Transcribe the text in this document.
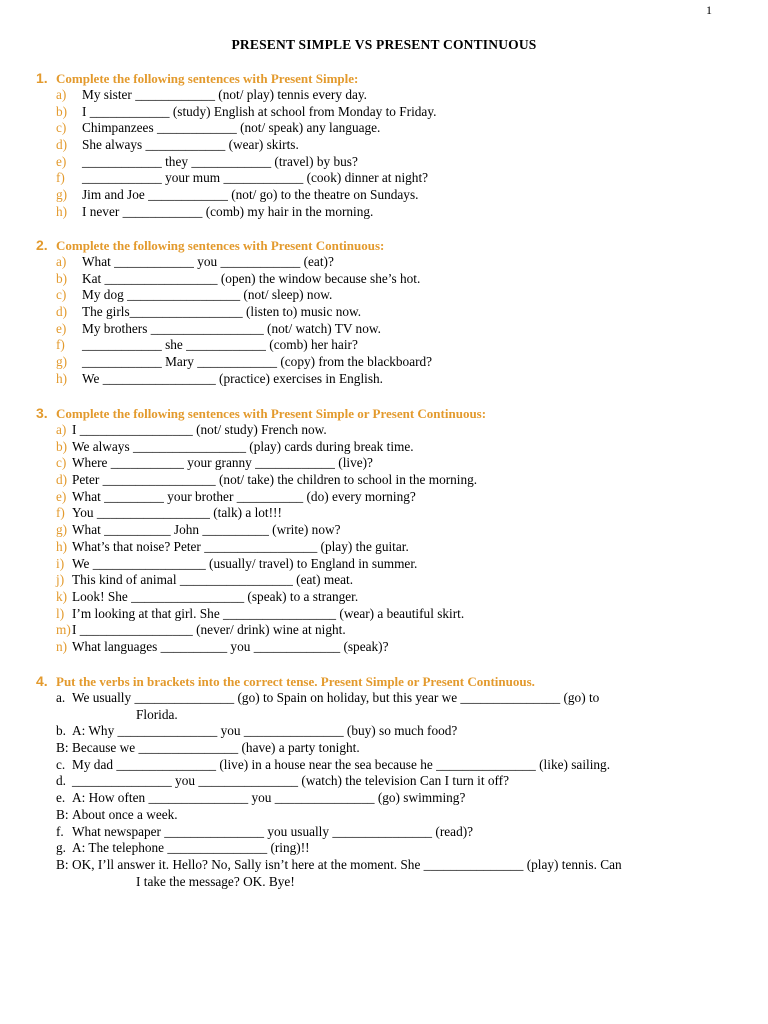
1
PRESENT SIMPLE VS PRESENT CONTINUOUS
1. Complete the following sentences with Present Simple:
a) My sister ____________ (not/ play) tennis every day.
b) I ____________ (study) English at school from Monday to Friday.
c) Chimpanzees ____________ (not/ speak) any language.
d) She always ____________ (wear) skirts.
e) ____________ they ____________ (travel) by bus?
f) ____________ your mum ____________ (cook) dinner at night?
g) Jim and Joe ____________ (not/ go) to the theatre on Sundays.
h) I never ____________ (comb) my hair in the morning.
2. Complete the following sentences with Present Continuous:
a) What ____________ you ____________ (eat)?
b) Kat _________________ (open) the window because she’s hot.
c) My dog _________________ (not/ sleep) now.
d) The girls_________________ (listen to) music now.
e) My brothers _________________ (not/ watch) TV now.
f) ____________ she ____________ (comb) her hair?
g) ____________ Mary ____________ (copy) from the blackboard?
h) We _________________ (practice) exercises in English.
3. Complete the following sentences with Present Simple or Present Continuous:
a) I _________________ (not/ study) French now.
b) We always _________________ (play) cards during break time.
c) Where ___________ your granny ____________ (live)?
d) Peter _________________ (not/ take) the children to school in the morning.
e) What _________ your brother __________ (do) every morning?
f) You _________________ (talk) a lot!!!
g) What __________ John __________ (write) now?
h) What’s that noise? Peter _________________ (play) the guitar.
i) We _________________ (usually/ travel) to England in summer.
j) This kind of animal _________________ (eat) meat.
k) Look! She _________________ (speak) to a stranger.
l) I’m looking at that girl. She _________________ (wear) a beautiful skirt.
m)I _________________ (never/ drink) wine at night.
n) What languages __________ you _____________ (speak)?
4. Put the verbs in brackets into the correct tense. Present Simple or Present Continuous.
a. We usually _______________ (go) to Spain on holiday, but this year we _______________ (go) to
Florida.
b. A: Why _______________ you _______________ (buy) so much food?
B: Because we _______________ (have) a party tonight.
c. My dad _______________ (live) in a house near the sea because he _______________ (like) sailing.
d. _______________ you _______________ (watch) the television Can I turn it off?
e. A: How often _______________ you _______________ (go) swimming?
B: About once a week.
f. What newspaper _______________ you usually _______________ (read)?
g. A: The telephone _______________ (ring)!!
B: OK, I’ll answer it. Hello? No, Sally isn’t here at the moment. She _______________ (play) tennis. Can
I take the message? OK. Bye!
